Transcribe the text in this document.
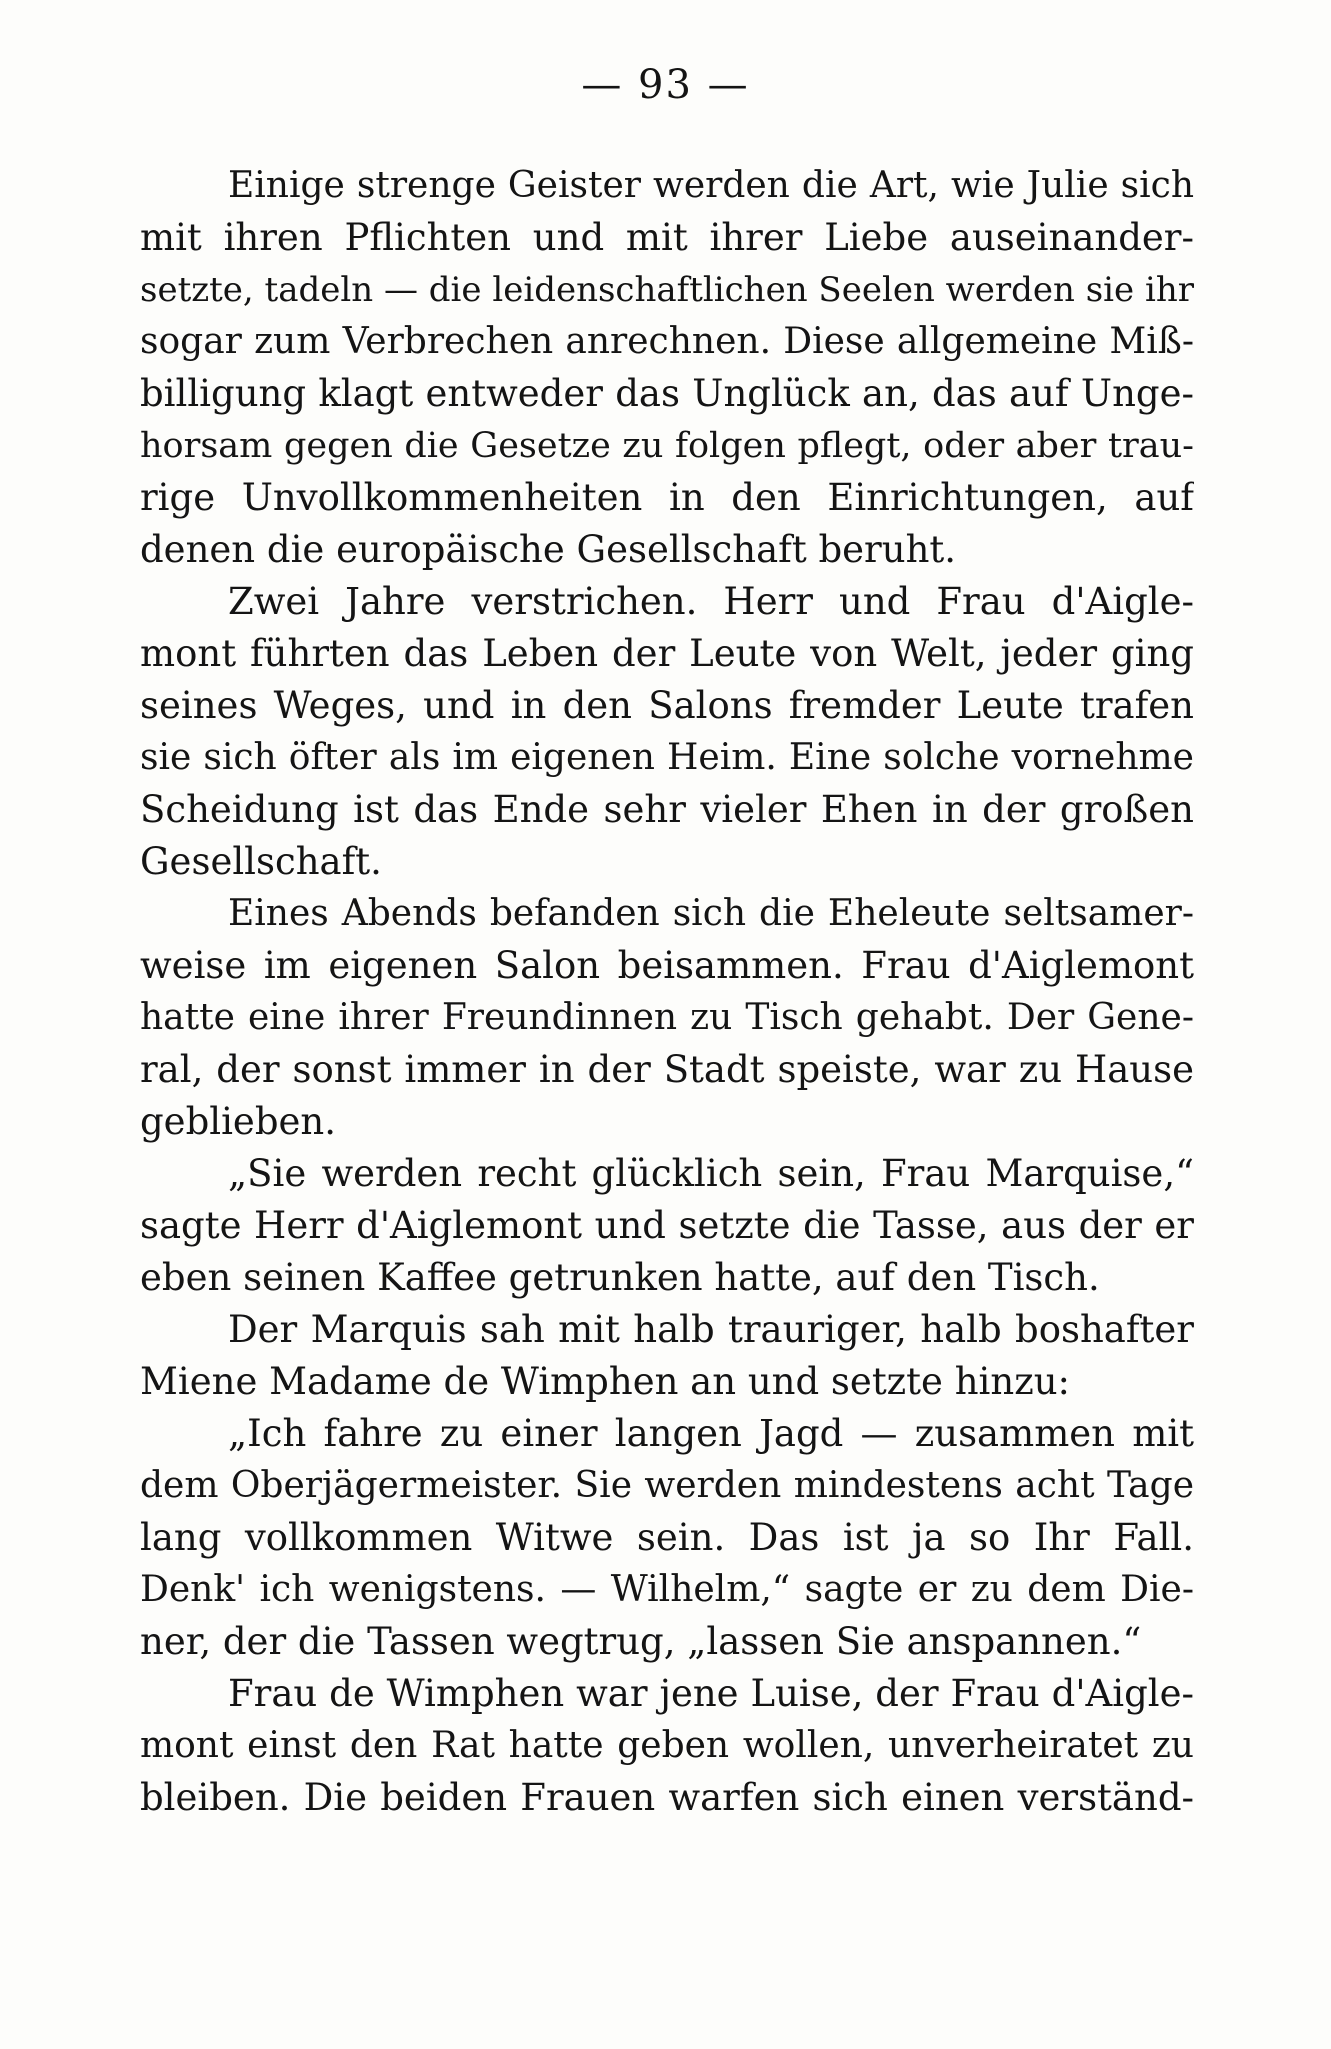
— 93 —
Einige strenge Geister werden die Art, wie Julie sich
mit ihren Pflichten und mit ihrer Liebe auseinander-
setzte, tadeln — die leidenschaftlichen Seelen werden sie ihr
sogar zum Verbrechen anrechnen. Diese allgemeine Miß-
billigung klagt entweder das Unglück an, das auf Unge-
horsam gegen die Gesetze zu folgen pflegt, oder aber trau-
rige Unvollkommenheiten in den Einrichtungen, auf
denen die europäische Gesellschaft beruht.
Zwei Jahre verstrichen. Herr und Frau d'Aigle-
mont führten das Leben der Leute von Welt, jeder ging
seines Weges, und in den Salons fremder Leute trafen
sie sich öfter als im eigenen Heim. Eine solche vornehme
Scheidung ist das Ende sehr vieler Ehen in der großen
Gesellschaft.
Eines Abends befanden sich die Eheleute seltsamer-
weise im eigenen Salon beisammen. Frau d'Aiglemont
hatte eine ihrer Freundinnen zu Tisch gehabt. Der Gene-
ral, der sonst immer in der Stadt speiste, war zu Hause
geblieben.
„Sie werden recht glücklich sein, Frau Marquise,“
sagte Herr d'Aiglemont und setzte die Tasse, aus der er
eben seinen Kaffee getrunken hatte, auf den Tisch.
Der Marquis sah mit halb trauriger, halb boshafter
Miene Madame de Wimphen an und setzte hinzu:
„Ich fahre zu einer langen Jagd — zusammen mit
dem Oberjägermeister. Sie werden mindestens acht Tage
lang vollkommen Witwe sein. Das ist ja so Ihr Fall.
Denk' ich wenigstens. — Wilhelm,“ sagte er zu dem Die-
ner, der die Tassen wegtrug, „lassen Sie anspannen.“
Frau de Wimphen war jene Luise, der Frau d'Aigle-
mont einst den Rat hatte geben wollen, unverheiratet zu
bleiben. Die beiden Frauen warfen sich einen verständ-
